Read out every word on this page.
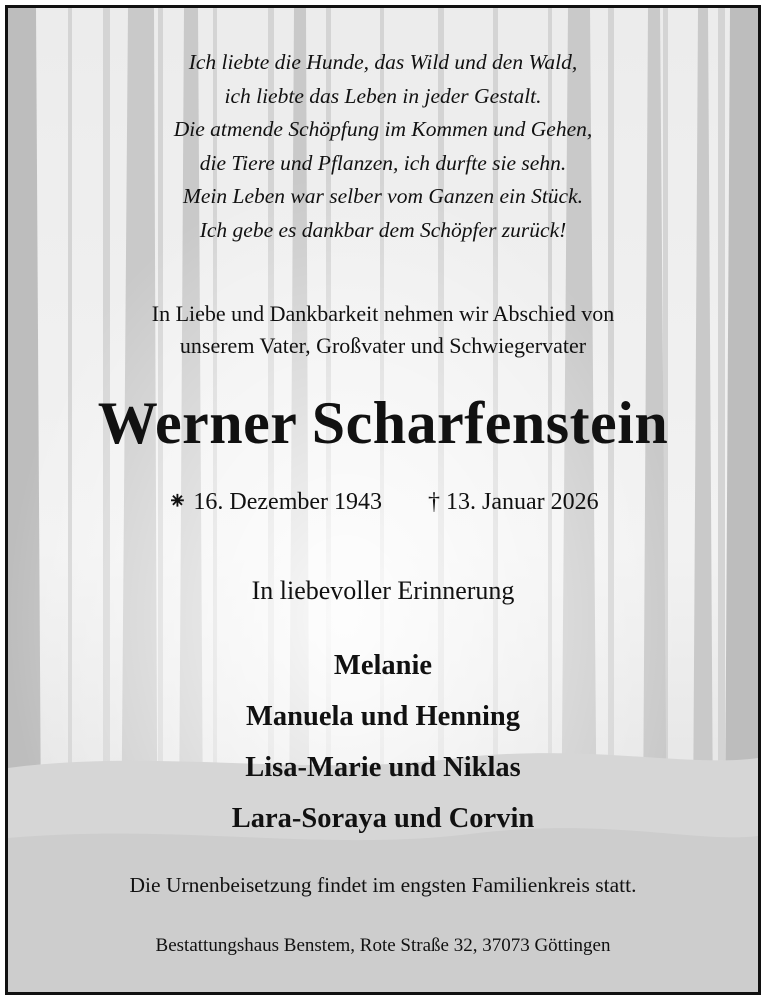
Ich liebte die Hunde, das Wild und den Wald,
ich liebte das Leben in jeder Gestalt.
Die atmende Schöpfung im Kommen und Gehen,
die Tiere und Pflanzen, ich durfte sie sehn.
Mein Leben war selber vom Ganzen ein Stück.
Ich gebe es dankbar dem Schöpfer zurück!
In Liebe und Dankbarkeit nehmen wir Abschied von
unserem Vater, Großvater und Schwiegervater
Werner Scharfenstein
⁕ 16. Dezember 1943 † 13. Januar 2026
In liebevoller Erinnerung
Melanie
Manuela und Henning
Lisa-Marie und Niklas
Lara-Soraya und Corvin
Die Urnenbeisetzung findet im engsten Familienkreis statt.
Bestattungshaus Benstem, Rote Straße 32, 37073 Göttingen
